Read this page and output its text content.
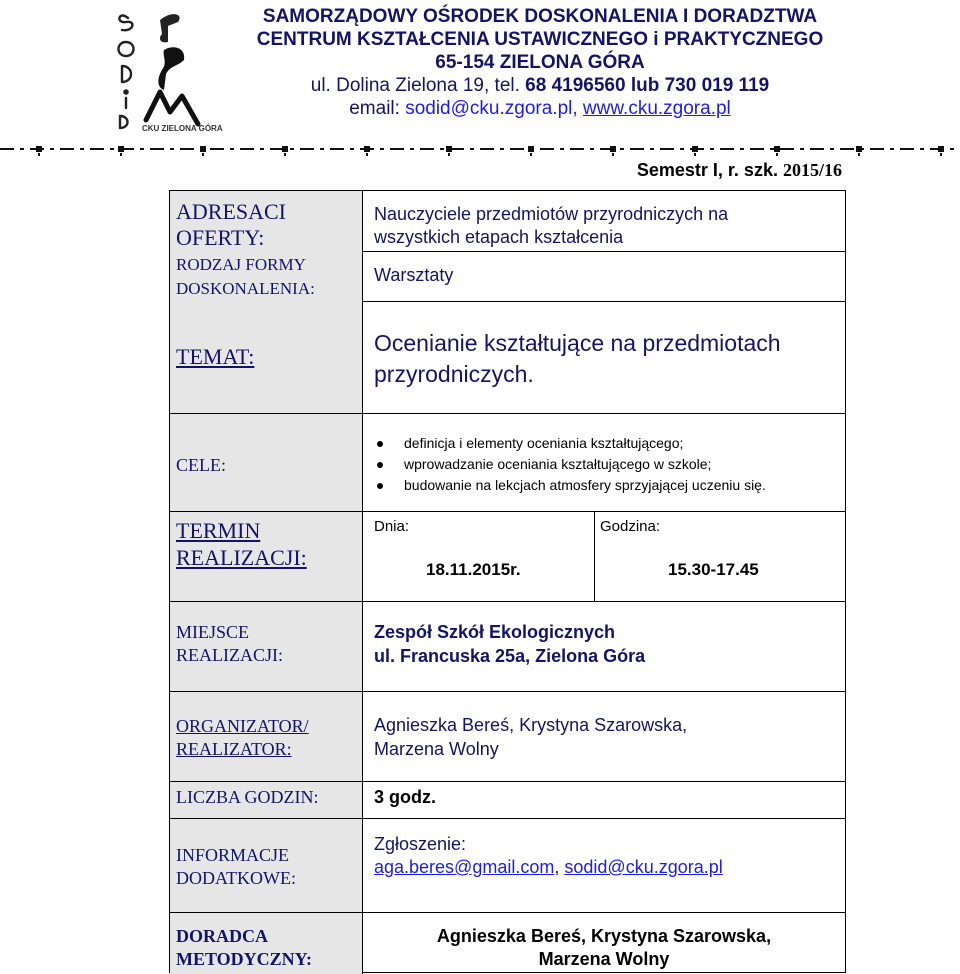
CKU ZIELONA GÓRA
SAMORZĄDOWY OŚRODEK DOSKONALENIA I DORADZTWA
CENTRUM KSZTAŁCENIA USTAWICZNEGO i PRAKTYCZNEGO
65-154 ZIELONA GÓRA
ul. Dolina Zielona 19, tel. 68 4196560 lub 730 019 119
email: sodid@cku.zgora.pl, www.cku.zgora.pl
Semestr I, r. szk. 2015/16
ADRESACI OFERTY:
RODZAJ FORMY DOSKONALENIA:
TEMAT:
CELE:
TERMIN REALIZACJI:
MIEJSCE REALIZACJI:
ORGANIZATOR/ REALIZATOR:
LICZBA GODZIN:
INFORMACJE DODATKOWE:
DORADCA METODYCZNY:
Nauczyciele przedmiotów przyrodniczych na wszystkich etapach kształcenia
Warsztaty
Ocenianie kształtujące na przedmiotach przyrodniczych.
definicja i elementy oceniania kształtującego;
wprowadzanie oceniania kształtującego w szkole;
budowanie na lekcjach atmosfery sprzyjającej uczeniu się.
Dnia:
18.11.2015r.
Godzina:
15.30-17.45
Zespół Szkół Ekologicznych
ul. Francuska 25a, Zielona Góra
Agnieszka Bereś, Krystyna Szarowska,
Marzena Wolny
3 godz.
Zgłoszenie:
aga.beres@gmail.com, sodid@cku.zgora.pl
Agnieszka Bereś, Krystyna Szarowska,
Marzena Wolny
